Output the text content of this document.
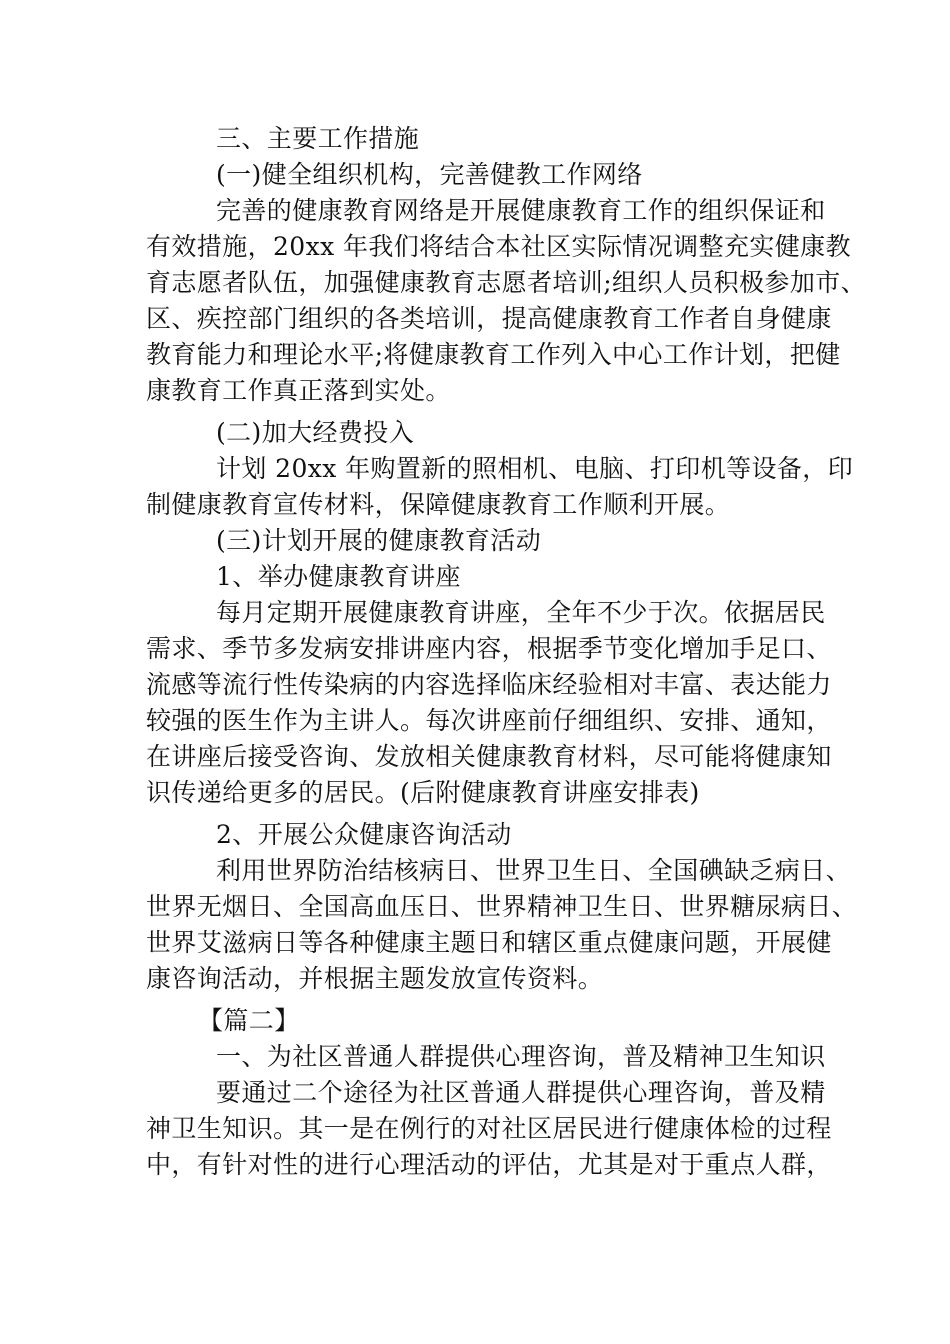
三、主要工作措施
(一)健全组织机构，完善健教工作网络
完善的健康教育网络是开展健康教育工作的组织保证和
有效措施，20xx 年我们将结合本社区实际情况调整充实健康教
育志愿者队伍，加强健康教育志愿者培训;组织人员积极参加市、
区、疾控部门组织的各类培训，提高健康教育工作者自身健康
教育能力和理论水平;将健康教育工作列入中心工作计划，把健
康教育工作真正落到实处。
(二)加大经费投入
计划 20xx 年购置新的照相机、电脑、打印机等设备，印
制健康教育宣传材料，保障健康教育工作顺利开展。
(三)计划开展的健康教育活动
1、举办健康教育讲座
每月定期开展健康教育讲座，全年不少于次。依据居民
需求、季节多发病安排讲座内容，根据季节变化增加手足口、
流感等流行性传染病的内容选择临床经验相对丰富、表达能力
较强的医生作为主讲人。每次讲座前仔细组织、安排、通知，
在讲座后接受咨询、发放相关健康教育材料，尽可能将健康知
识传递给更多的居民。(后附健康教育讲座安排表)
2、开展公众健康咨询活动
利用世界防治结核病日、世界卫生日、全国碘缺乏病日、
世界无烟日、全国高血压日、世界精神卫生日、世界糖尿病日、
世界艾滋病日等各种健康主题日和辖区重点健康问题，开展健
康咨询活动，并根据主题发放宣传资料。
【篇二】
一、为社区普通人群提供心理咨询，普及精神卫生知识
要通过二个途径为社区普通人群提供心理咨询，普及精
神卫生知识。其一是在例行的对社区居民进行健康体检的过程
中，有针对性的进行心理活动的评估，尤其是对于重点人群，
